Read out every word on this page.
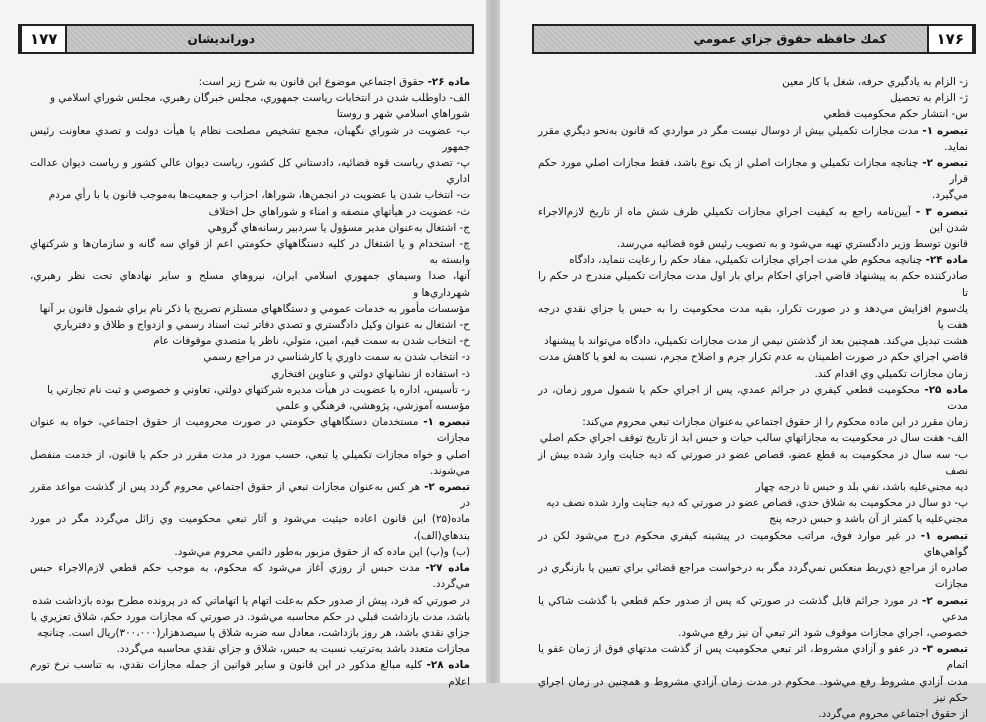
۱۷۷	دورانديشان

ماده ۲۶- حقوق اجتماعي موضوع اين قانون به شرح زير است:

الف- داوطلب شدن در انتخابات رياست جمهوري، مجلس خبرگان رهبري، مجلس شوراي اسلامي و

شوراهاي اسلامي شهر و روستا

ب- عضويت در شوراي نگهبان، مجمع تشخيص مصلحت نظام يا هيأت دولت و تصدي معاونت رئيس جمهور

پ- تصدي رياست قوه قضائيه، دادستاني كل كشور، رياست ديوان عالي كشور و رياست ديوان عدالت اداري

ت- انتخاب شدن يا عضويت در انجمن‌ها، شوراها، احزاب و جمعيت‌ها به‌موجب قانون يا با رأي مردم

ث- عضويت در هيأتهاي منصفه و امناء و شوراهاي حل اختلاف

ج- اشتغال به‌عنوان مدير مسؤول يا سردبير رسانه‌هاي گروهي

چ- استخدام و يا اشتغال در كليه دستگاههاي حكومتي اعم از قواي سه گانه و سازمان‌ها و شركتهاي وابسته به

آنها، صدا وسيماي جمهوري اسلامي ايران، نيروهاي مسلح و ساير نهادهاي تحت نظر رهبري، شهرداري‌ها و

مؤسسات مأمور به خدمات عمومي و دستگاههاي مستلزم تصريح يا ذكر نام براي شمول قانون بر آنها

ح- اشتغال به عنوان وكيل دادگستري و تصدي دفاتر ثبت اسناد رسمي و ازدواج و طلاق و دفترياري

خ- انتخاب شدن به سمت قيم، امين، متولي، ناظر يا متصدي موقوفات عام

د- انتخاب شدن به سمت داوري يا كارشناسي در مراجع رسمي

ذ- استفاده از نشانهاي دولتي و عناوين افتخاري

ر- تأسيس، اداره يا عضويت در هيأت مديره شركتهاي دولتي، تعاوني و خصوصي و ثبت نام تجارتي يا

مؤسسه آموزشي، پژوهشي، فرهنگي و علمي

تبصره ۱- مستخدمان دستگاههاي حكومتي در صورت محروميت از حقوق اجتماعي، خواه به عنوان مجازات

اصلي و خواه مجازات تكميلي يا تبعي، حسب مورد در مدت مقرر در حكم يا قانون، از خدمت منفصل مي‌شوند.

تبصره ۲- هر كس به‌عنوان مجازات تبعي از حقوق اجتماعي محروم گردد پس از گذشت مواعد مقرر در

ماده(۲۵) اين قانون اعاده حيثيت مي‌شود و آثار تبعي محكوميت وي زائل مي‌گردد مگر در مورد بندهاي(الف)،

(ب) و(پ) اين ماده كه از حقوق مزبور به‌طور دائمي محروم مي‌شود.

ماده ۲۷- مدت حبس از روزي آغاز مي‌شود كه محكوم، به موجب حكم قطعي لازم‌الاجراء حبس مي‌گردد.

در صورتي كه فرد، پيش از صدور حكم به‌علت اتهام يا اتهاماتي كه در پرونده مطرح بوده بازداشت شده

باشد، مدت بازداشت قبلي در حكم محاسبه مي‌شود. در صورتي كه مجازات مورد حكم، شلاق تعزيري يا

جزاي نقدي باشد، هر روز بازداشت، معادل سه ضربه شلاق يا سيصدهزار(۳۰۰،۰۰۰)ريال است. چنانچه

مجازات متعدد باشد به‌ترتيب نسبت به حبس، شلاق و جزاي نقدي محاسبه مي‌گردد.

ماده ۲۸- كليه مبالغ مذكور در اين قانون و ساير قوانين از جمله مجازات نقدي، به تناسب نرخ تورم اعلام

۱۷۶
كمك حافظه حقوق جزاي عمومي

ز- الزام به يادگيري حرفه، شغل يا كار معين

ژ- الزام به تحصيل

س- انتشار حكم محكوميت قطعي

تبصره ۱- مدت مجازات تكميلي بيش از دوسال نيست مگر در مواردي كه قانون به‌نحو ديگري مقرر نمايد.

تبصره ۲- چنانچه مجازات تكميلي و مجازات اصلي از يک نوع باشد، فقط مجازات اصلي مورد حكم قرار

مي‌گيرد.

تبصره ۳ - آيين‌نامه راجع به كيفيت اجراي مجازات تكميلي ظرف شش ماه از تاريخ لازم‌الاجراء شدن اين

قانون توسط وزير دادگستري تهيه مي‌شود و به تصويب رئيس قوه قضائيه مي‌رسد.

ماده ۲۴- چنانچه محكوم طي مدت اجراي مجازات تكميلي، مفاد حكم را رعايت ننمايد، دادگاه

صادركننده حكم به پيشنهاد قاضي اجراي احكام براي بار اول مدت مجازات تكميلي مندرج در حكم را تا

يك‌سوم افزايش مي‌دهد و در صورت تكرار، بقيه مدت محكوميت را به حبس يا جزاي نقدي درجه هفت يا

هشت تبديل مي‌كند. همچنين بعد از گذشتن نيمي از مدت مجازات تكميلي، دادگاه مي‌تواند با پيشنهاد

قاضي اجراي حكم در صورت اطمينان به عدم تكرار جرم و اصلاح مجرم، نسبت به لغو يا كاهش مدت

زمان مجازات تكميلي وي اقدام كند.

ماده ۲۵- محكوميت قطعي كيفري در جرائم عمدي، پس از اجراي حكم يا شمول مرور زمان، در مدت

زمان مقرر در اين ماده محكوم را از حقوق اجتماعي به‌عنوان مجازات تبعي محروم مي‌كند:

الف- هفت سال در محكوميت به مجازاتهاي سالب حيات و حبس ابد از تاريخ توقف اجراي حكم اصلي

ب- سه سال در محكوميت به قطع عضو، قصاص عضو در صورتي كه ديه جنايت وارد شده بيش از نصف

ديه مجني‌عليه باشد، نفي بلد و حبس تا درجه چهار

پ- دو سال در محكوميت به شلاق حدي، قصاص عضو در صورتي كه ديه جنايت وارد شده نصف ديه

مجني‌عليه يا كمتر از آن باشد و حبس درجه پنج

تبصره ۱- در غير موارد فوق، مراتب محكوميت در پيشينه كيفري محكوم درج مي‌شود لكن در گواهي‌هاي

صادره از مراجع ذي‌ربط منعكس نمي‌گردد مگر به درخواست مراجع قضائي براي تعيين يا بازنگري در مجازات

تبصره ۲- در مورد جرائم قابل گذشت در صورتي كه پس از صدور حكم قطعي با گذشت شاكي يا مدعي

خصوصي، اجراي مجازات موقوف شود اثر تبعي آن نيز رفع مي‌شود.

تبصره ۳- در عفو و آزادي مشروط، اثر تبعي محكوميت پس از گذشت مدتهاي فوق از زمان عفو يا اتمام

مدت آزادي مشروط رفع مي‌شود. محكوم در مدت زمان آزادي مشروط و همچنين در زمان اجراي حكم نيز

از حقوق اجتماعي محروم مي‌گردد.
